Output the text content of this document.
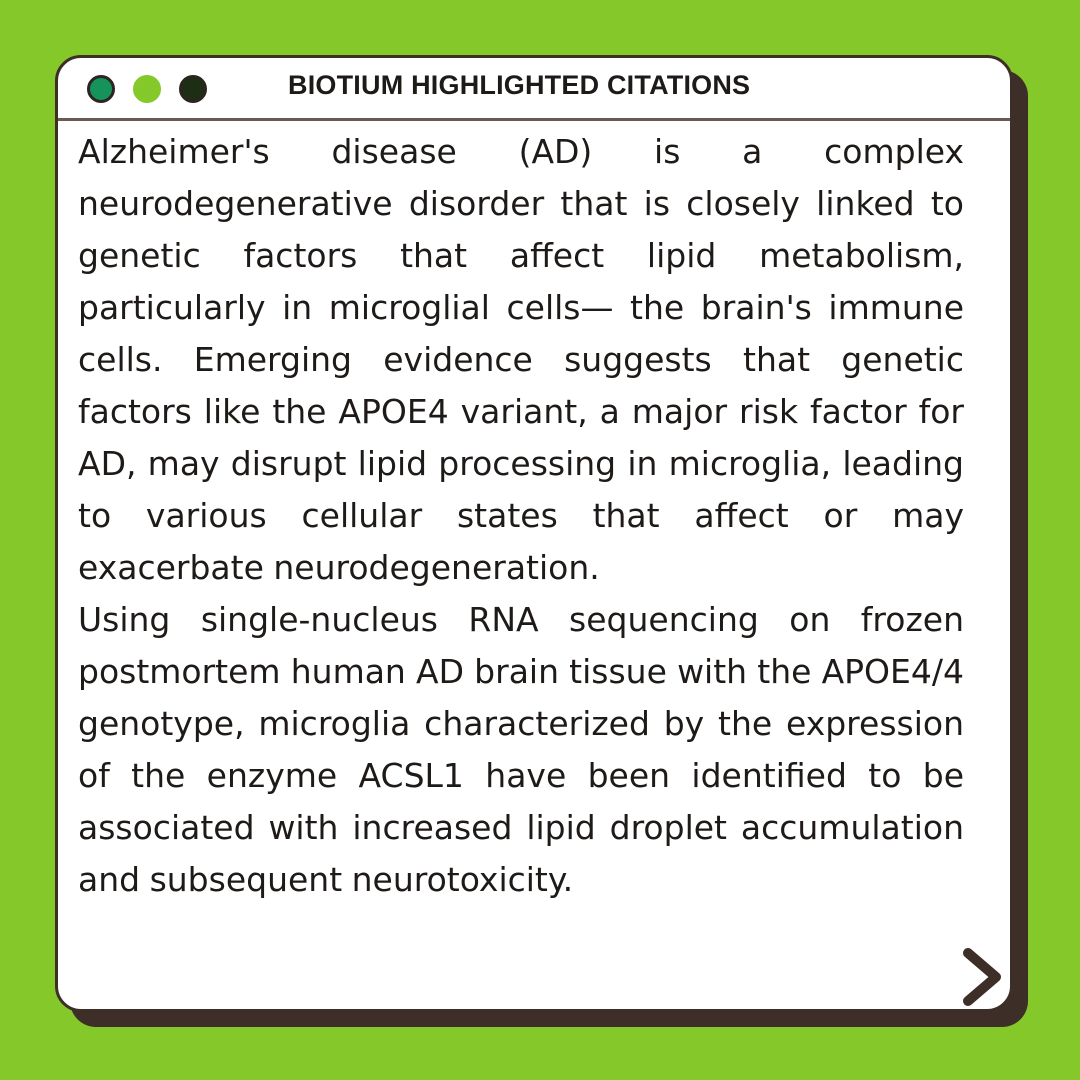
BIOTIUM HIGHLIGHTED CITATIONS

Alzheimer's disease (AD) is a complex neurodegenerative disorder that is closely linked to genetic factors that affect lipid metabolism, particularly in microglial cells— the brain's immune cells. Emerging evidence suggests that genetic factors like the APOE4 variant, a major risk factor for AD, may disrupt lipid processing in microglia, leading to various cellular states that affect or may exacerbate neurodegeneration.

Using single-nucleus RNA sequencing on frozen postmortem human AD brain tissue with the APOE4/4 genotype, microglia characterized by the expression of the enzyme ACSL1 have been identified to be associated with increased lipid droplet accumulation and subsequent neurotoxicity.
